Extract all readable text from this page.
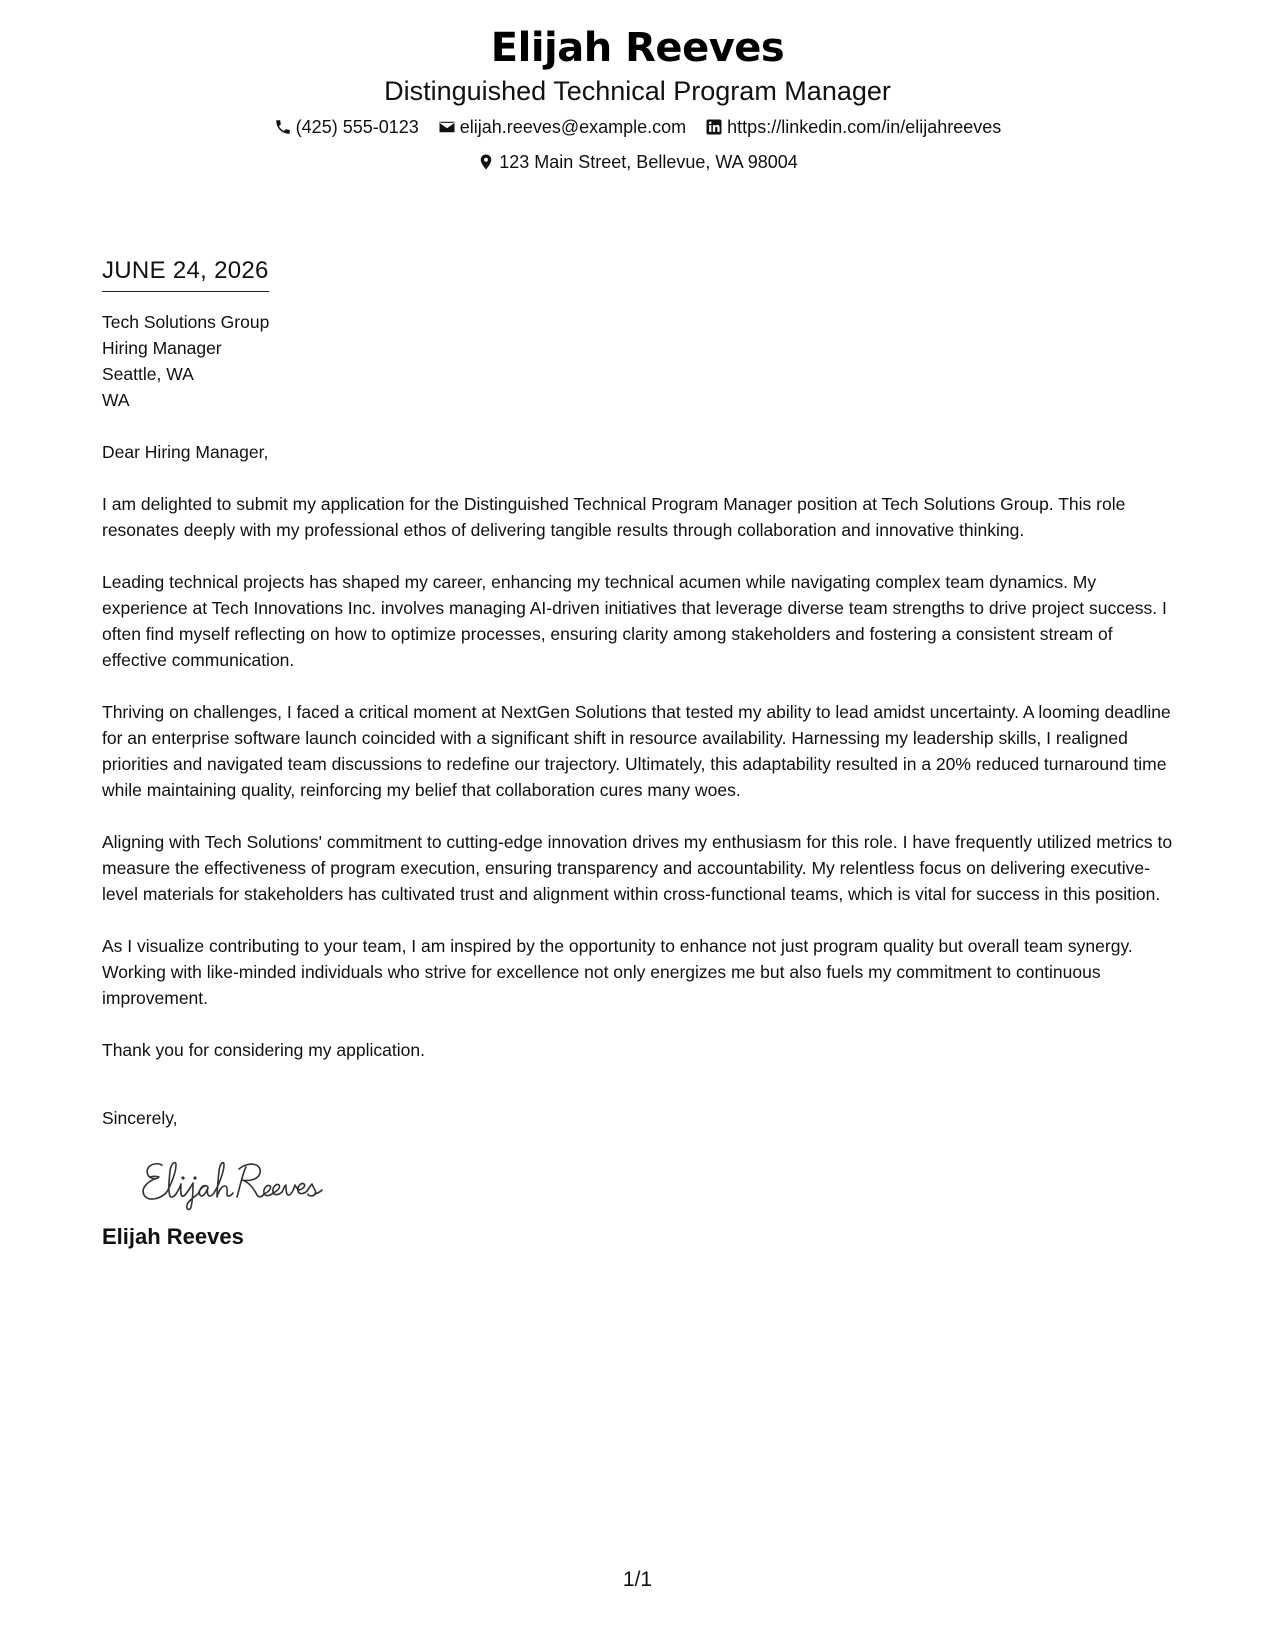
Elijah Reeves
Distinguished Technical Program Manager
(425) 555-0123
elijah.reeves@example.com
https://linkedin.com/in/elijahreeves
123 Main Street, Bellevue, WA 98004
JUNE 24, 2026
Tech Solutions Group
Hiring Manager
Seattle, WA
WA
Dear Hiring Manager,
I am delighted to submit my application for the Distinguished Technical Program Manager position at Tech Solutions Group. This role resonates deeply with my professional ethos of delivering tangible results through collaboration and innovative thinking.
Leading technical projects has shaped my career, enhancing my technical acumen while navigating complex team dynamics. My experience at Tech Innovations Inc. involves managing AI-driven initiatives that leverage diverse team strengths to drive project success. I often find myself reflecting on how to optimize processes, ensuring clarity among stakeholders and fostering a consistent stream of effective communication.
Thriving on challenges, I faced a critical moment at NextGen Solutions that tested my ability to lead amidst uncertainty. A looming deadline for an enterprise software launch coincided with a significant shift in resource availability. Harnessing my leadership skills, I realigned priorities and navigated team discussions to redefine our trajectory. Ultimately, this adaptability resulted in a 20% reduced turnaround time while maintaining quality, reinforcing my belief that collaboration cures many woes.
Aligning with Tech Solutions' commitment to cutting-edge innovation drives my enthusiasm for this role. I have frequently utilized metrics to measure the effectiveness of program execution, ensuring transparency and accountability. My relentless focus on delivering executive-level materials for stakeholders has cultivated trust and alignment within cross-functional teams, which is vital for success in this position.
As I visualize contributing to your team, I am inspired by the opportunity to enhance not just program quality but overall team synergy. Working with like-minded individuals who strive for excellence not only energizes me but also fuels my commitment to continuous improvement.
Thank you for considering my application.
Sincerely,
Elijah Reeves
1/1
